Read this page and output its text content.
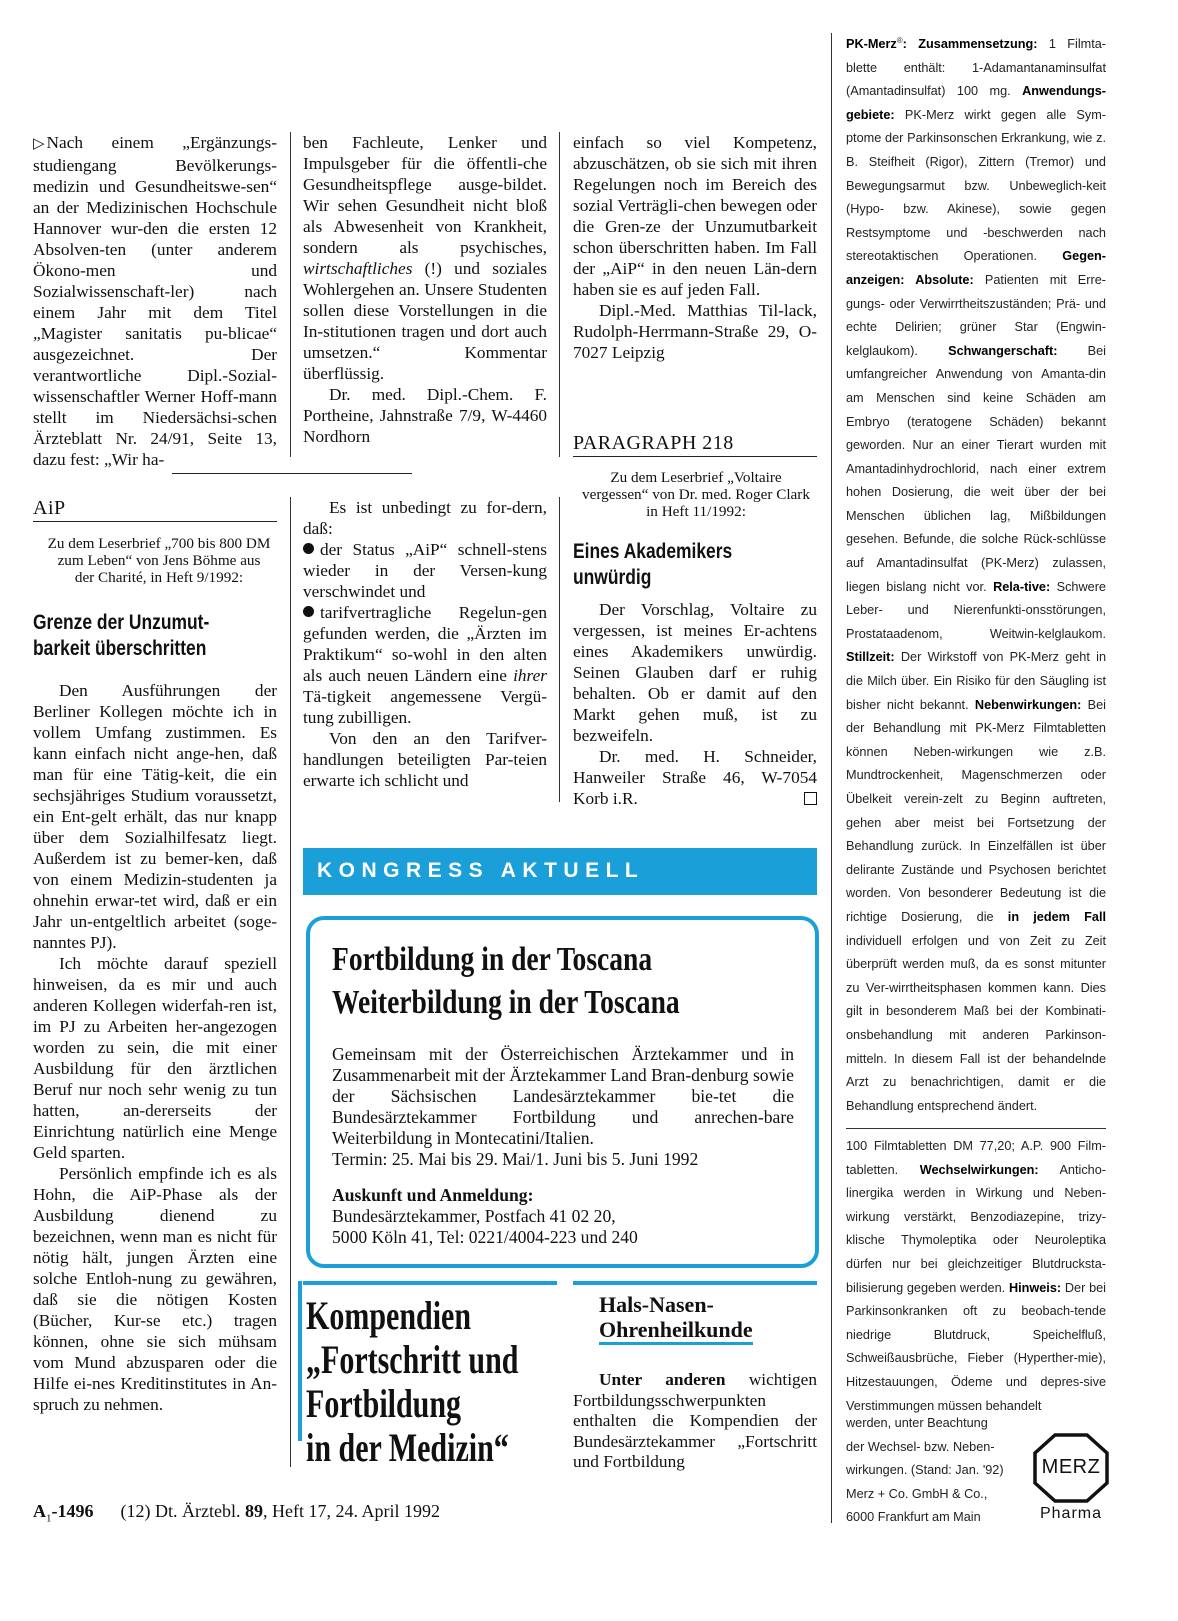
▷ Nach einem „Ergänzungs-studiengang Bevölkerungs-medizin und Gesundheitswe-sen“ an der Medizinischen Hochschule Hannover wur-den die ersten 12 Absolven-ten (unter anderem Ökono-men und Sozialwissenschaft-ler) nach einem Jahr mit dem Titel „Magister sanitatis pu-blicae“ ausgezeichnet. Der verantwortliche Dipl.-Sozial-wissenschaftler Werner Hoff-mann stellt im Niedersächsi-schen Ärzteblatt Nr. 24/91, Seite 13, dazu fest: „Wir ha-

AiP
Zu dem Leserbrief „700 bis 800 DM zum Leben“ von Jens Böhme aus der Charité, in Heft 9/1992:
Grenze der Unzumut-
barkeit überschritten

Den Ausführungen der Berliner Kollegen möchte ich in vollem Umfang zustimmen. Es kann einfach nicht ange-hen, daß man für eine Tätig-keit, die ein sechsjähriges Studium voraussetzt, ein Ent-gelt erhält, das nur knapp über dem Sozialhilfesatz liegt. Außerdem ist zu bemer-ken, daß von einem Medizin-studenten ja ohnehin erwar-tet wird, daß er ein Jahr un-entgeltlich arbeitet (soge-nanntes PJ).

Ich möchte darauf speziell hinweisen, da es mir und auch anderen Kollegen widerfah-ren ist, im PJ zu Arbeiten her-angezogen worden zu sein, die mit einer Ausbildung für den ärztlichen Beruf nur noch sehr wenig zu tun hatten, an-dererseits der Einrichtung natürlich eine Menge Geld sparten.

Persönlich empfinde ich es als Hohn, die AiP-Phase als der Ausbildung dienend zu bezeichnen, wenn man es nicht für nötig hält, jungen Ärzten eine solche Entloh-nung zu gewähren, daß sie die nötigen Kosten (Bücher, Kur-se etc.) tragen können, ohne sie sich mühsam vom Mund abzusparen oder die Hilfe ei-nes Kreditinstitutes in An-spruch zu nehmen.

ben Fachleute, Lenker und Impulsgeber für die öffentli-che Gesundheitspflege ausge-bildet. Wir sehen Gesundheit nicht bloß als Abwesenheit von Krankheit, sondern als psychisches, wirtschaftliches (!) und soziales Wohlergehen an. Unsere Studenten sollen diese Vorstellungen in die In-stitutionen tragen und dort auch umsetzen.“ Kommentar überflüssig.

Dr. med. Dipl.-Chem. F. Portheine, Jahnstraße 7/9, W-4460 Nordhorn

Es ist unbedingt zu for-dern, daß:

der Status „AiP“ schnell-stens wieder in der Versen-kung verschwindet und

tarifvertragliche Regelun-gen gefunden werden, die „Ärzten im Praktikum“ so-wohl in den alten als auch neuen Ländern eine ihrer Tä-tigkeit angemessene Vergü-tung zubilligen.

Von den an den Tarifver-handlungen beteiligten Par-teien erwarte ich schlicht und

einfach so viel Kompetenz, abzuschätzen, ob sie sich mit ihren Regelungen noch im Bereich des sozial Verträgli-chen bewegen oder die Gren-ze der Unzumutbarkeit schon überschritten haben. Im Fall der „AiP“ in den neuen Län-dern haben sie es auf jeden Fall.

Dipl.-Med. Matthias Til-lack, Rudolph-Herrmann-Straße 29, O-7027 Leipzig

PARAGRAPH 218
Zu dem Leserbrief „Voltaire vergessen“ von Dr. med. Roger Clark in Heft 11/1992:
Eines Akademikers
unwürdig

Der Vorschlag, Voltaire zu vergessen, ist meines Er-achtens eines Akademikers unwürdig. Seinen Glauben darf er ruhig behalten. Ob er damit auf den Markt gehen muß, ist zu bezweifeln.

Dr. med. H. Schneider, Hanweiler Straße 46, W-7054 Korb i.R.

KONGRESS AKTUELL
Fortbildung in der Toscana
Weiterbildung in der Toscana

Gemeinsam mit der Österreichischen Ärztekammer und in Zusammenarbeit mit der Ärztekammer Land Bran-denburg sowie der Sächsischen Landesärztekammer bie-tet die Bundesärztekammer Fortbildung und anrechen-bare Weiterbildung in Montecatini/Italien.

Termin: 25. Mai bis 29. Mai/1. Juni bis 5. Juni 1992

Auskunft und Anmeldung:

Bundesärztekammer, Postfach 41 02 20,

5000 Köln 41, Tel: 0221/4004-223 und 240

Kompendien
„Fortschritt und
Fortbildung
in der Medizin“
Hals-Nasen-
Ohrenheilkunde

Unter anderen wichtigen Fortbildungsschwerpunkten enthalten die Kompendien der Bundesärztekammer „Fortschritt und Fortbildung

PK-Merz®: Zusammensetzung: 1 Filmta-blette enthält: 1-Adamantanaminsulfat (Amantadinsulfat) 100 mg. Anwendungs-gebiete: PK-Merz wirkt gegen alle Sym-ptome der Parkinsonschen Erkrankung, wie z. B. Steifheit (Rigor), Zittern (Tremor) und Bewegungsarmut bzw. Unbeweglich-keit (Hypo- bzw. Akinese), sowie gegen Restsymptome und -beschwerden nach stereotaktischen Operationen. Gegen-anzeigen: Absolute: Patienten mit Erre-gungs- oder Verwirrtheitszuständen; Prä- und echte Delirien; grüner Star (Engwin-kelglaukom). Schwangerschaft: Bei umfangreicher Anwendung von Amanta-din am Menschen sind keine Schäden am Embryo (teratogene Schäden) bekannt geworden. Nur an einer Tierart wurden mit Amantadinhydrochlorid, nach einer extrem hohen Dosierung, die weit über der bei Menschen üblichen lag, Mißbildungen gesehen. Befunde, die solche Rück-schlüsse auf Amantadinsulfat (PK-Merz) zulassen, liegen bislang nicht vor. Rela-tive: Schwere Leber- und Nierenfunkti-onsstörungen, Prostataadenom, Weitwin-kelglaukom. Stillzeit: Der Wirkstoff von PK-Merz geht in die Milch über. Ein Risiko für den Säugling ist bisher nicht bekannt. Nebenwirkungen: Bei der Behandlung mit PK-Merz Filmtabletten können Neben-wirkungen wie z.B. Mundtrockenheit, Magenschmerzen oder Übelkeit verein-zelt zu Beginn auftreten, gehen aber meist bei Fortsetzung der Behandlung zurück. In Einzelfällen ist über delirante Zustände und Psychosen berichtet worden. Von besonderer Bedeutung ist die richtige Dosierung, die in jedem Fall individuell erfolgen und von Zeit zu Zeit überprüft werden muß, da es sonst mitunter zu Ver-wirrtheitsphasen kommen kann. Dies gilt in besonderem Maß bei der Kombinati-onsbehandlung mit anderen Parkinson-mitteln. In diesem Fall ist der behandelnde Arzt zu benachrichtigen, damit er die Behandlung entsprechend ändert.
100 Filmtabletten DM 77,20; A.P. 900 Film-tabletten. Wechselwirkungen: Anticho-linergika werden in Wirkung und Neben-wirkung verstärkt, Benzodiazepine, trizy-klische Thymoleptika oder Neuroleptika dürfen nur bei gleichzeitiger Blutdrucksta-bilisierung gegeben werden. Hinweis: Der bei Parkinsonkranken oft zu beobach-tende niedrige Blutdruck, Speichelfluß, Schweißausbrüche, Fieber (Hyperther-mie), Hitzestauungen, Ödeme und depres-sive Verstimmungen müssen behandelt
werden, unter Beachtung
der Wechsel- bzw. Neben-
wirkungen. (Stand: Jan. '92)
Merz + Co. GmbH & Co.,
6000 Frankfurt am Main
MERZ
Pharma
$A_1-1496$ (12) Dt. Ärztebl. 89, Heft 17, 24. April 1992
